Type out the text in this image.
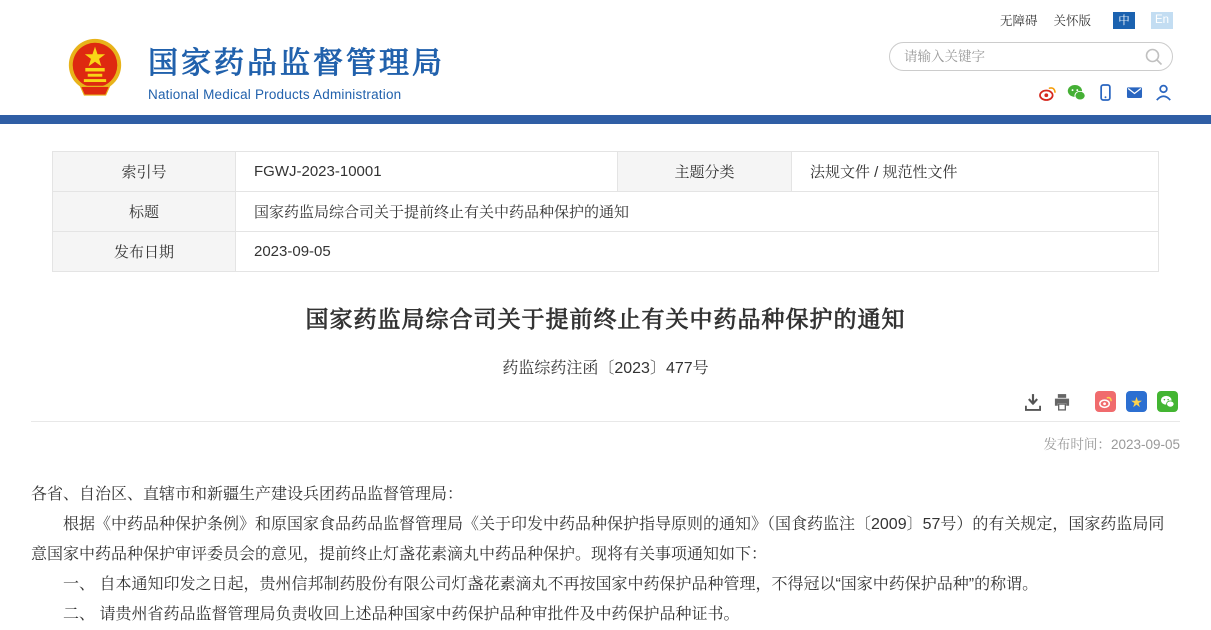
无障碍 关怀版	中	En
国家药品监督管理局
National Medical Products Administration
请输入关键字
索引号	FGWJ-2023-10001	主题分类	法规文件 / 规范性文件
标题	国家药监局综合司关于提前终止有关中药品种保护的通知		
发布日期	2023-09-05		
国家药监局综合司关于提前终止有关中药品种保护的通知
药监综药注函〔2023〕477号
★
发布时间：2023-09-05

各省、自治区、直辖市和新疆生产建设兵团药品监督管理局：

根据《中药品种保护条例》和原国家食品药品监督管理局《关于印发中药品种保护指导原则的通知》（国食药监注〔2009〕57号）的有关规定，国家药监局同意国家中药品种保护审评委员会的意见，提前终止灯盏花素滴丸中药品种保护。现将有关事项通知如下：

一、 自本通知印发之日起，贵州信邦制药股份有限公司灯盏花素滴丸不再按国家中药保护品种管理，不得冠以“国家中药保护品种”的称谓。

二、 请贵州省药品监督管理局负责收回上述品种国家中药保护品种审批件及中药保护品种证书。
